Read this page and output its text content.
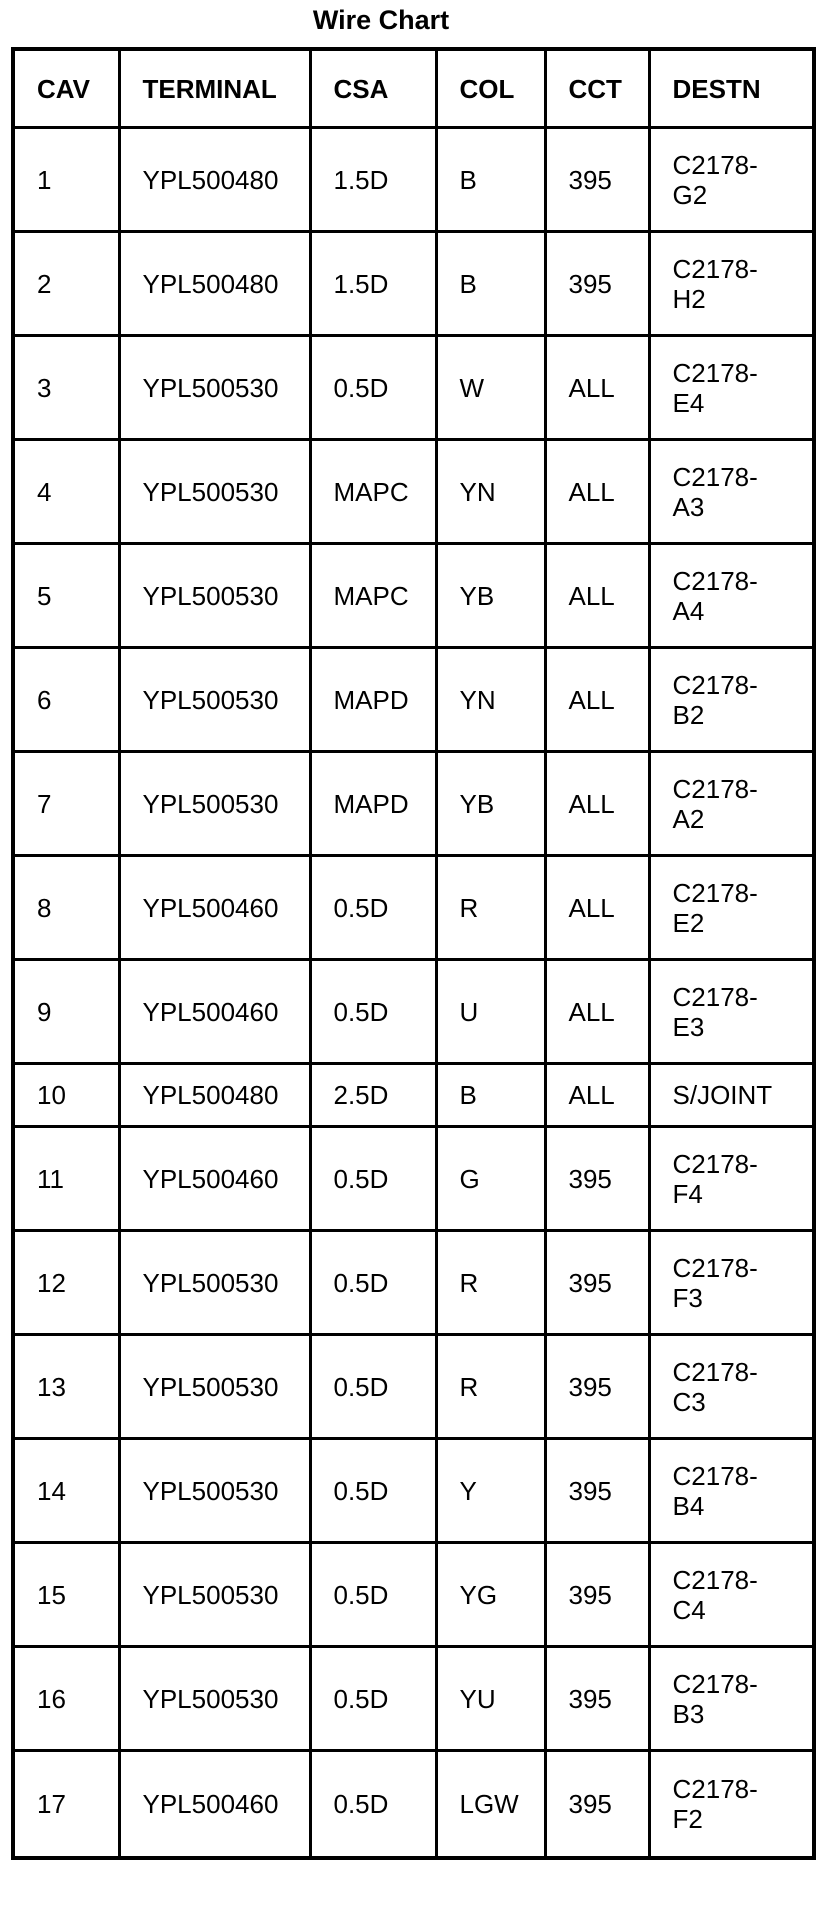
Wire Chart
CAV	TERMINAL	CSA	COL	CCT	DESTN
1	YPL500480	1.5D	B	395	C2178-
G2
2	YPL500480	1.5D	B	395	C2178-
H2
3	YPL500530	0.5D	W	ALL	C2178-
E4
4	YPL500530	MAPC	YN	ALL	C2178-
A3
5	YPL500530	MAPC	YB	ALL	C2178-
A4
6	YPL500530	MAPD	YN	ALL	C2178-
B2
7	YPL500530	MAPD	YB	ALL	C2178-
A2
8	YPL500460	0.5D	R	ALL	C2178-
E2
9	YPL500460	0.5D	U	ALL	C2178-
E3
10	YPL500480	2.5D	B	ALL	S/JOINT
11	YPL500460	0.5D	G	395	C2178-
F4
12	YPL500530	0.5D	R	395	C2178-
F3
13	YPL500530	0.5D	R	395	C2178-
C3
14	YPL500530	0.5D	Y	395	C2178-
B4
15	YPL500530	0.5D	YG	395	C2178-
C4
16	YPL500530	0.5D	YU	395	C2178-
B3
17	YPL500460	0.5D	LGW	395	C2178-
F2
